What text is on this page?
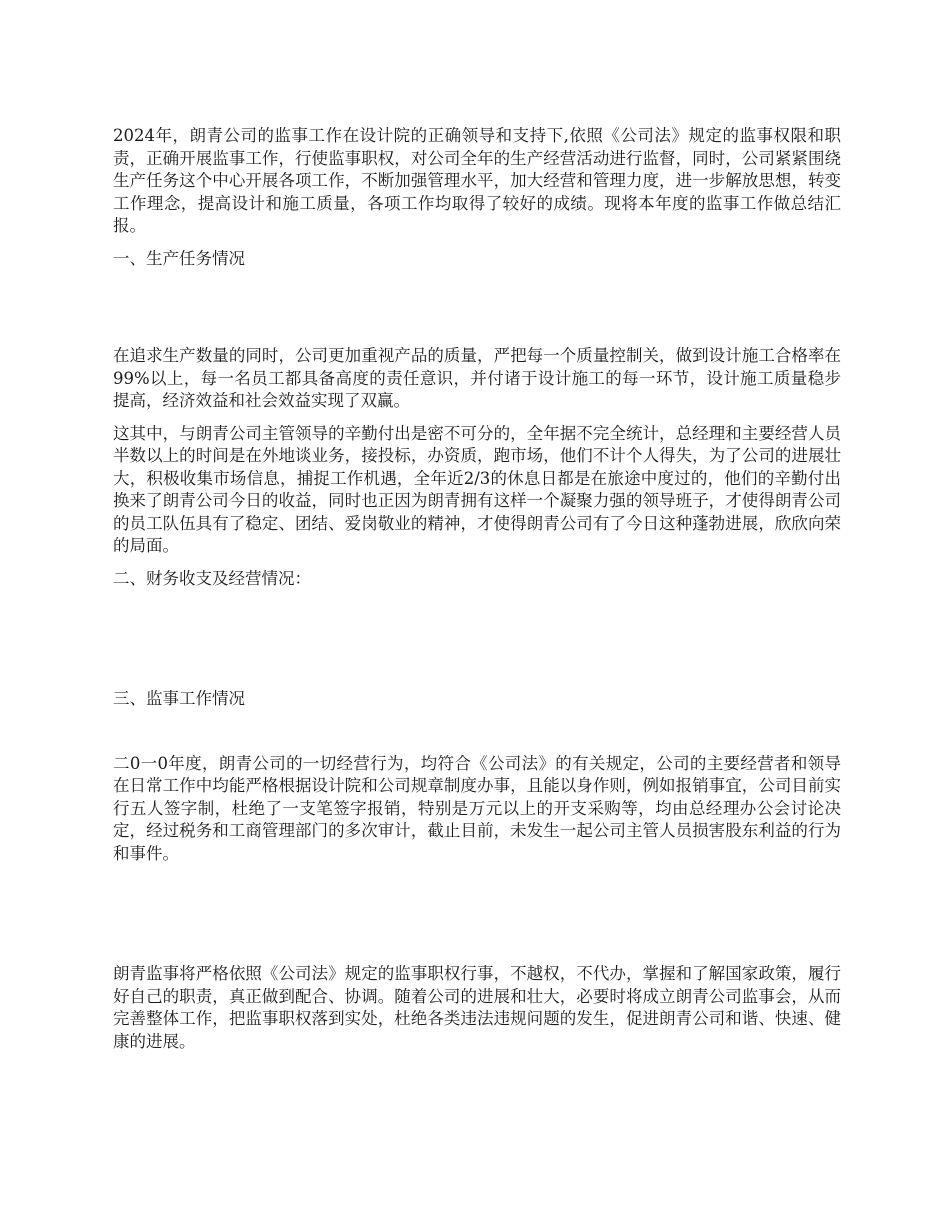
2024年，朗青公司的监事工作在设计院的正确领导和支持下,依照《公司法》规定的监事权限和职责，正确开展监事工作，行使监事职权，对公司全年的生产经营活动进行监督，同时，公司紧紧围绕生产任务这个中心开展各项工作，不断加强管理水平，加大经营和管理力度，进一步解放思想，转变工作理念，提高设计和施工质量，各项工作均取得了较好的成绩。现将本年度的监事工作做总结汇报。

一、生产任务情况

在追求生产数量的同时，公司更加重视产品的质量，严把每一个质量控制关，做到设计施工合格率在99%以上，每一名员工都具备高度的责任意识，并付诸于设计施工的每一环节，设计施工质量稳步提高，经济效益和社会效益实现了双赢。

这其中，与朗青公司主管领导的辛勤付出是密不可分的，全年据不完全统计，总经理和主要经营人员半数以上的时间是在外地谈业务，接投标，办资质，跑市场，他们不计个人得失，为了公司的进展壮大，积极收集市场信息，捕捉工作机遇，全年近2/3的休息日都是在旅途中度过的，他们的辛勤付出换来了朗青公司今日的收益，同时也正因为朗青拥有这样一个凝聚力强的领导班子，才使得朗青公司的员工队伍具有了稳定、团结、爱岗敬业的精神，才使得朗青公司有了今日这种蓬勃进展，欣欣向荣的局面。

二、财务收支及经营情况：

三、监事工作情况

二0一0年度，朗青公司的一切经营行为，均符合《公司法》的有关规定，公司的主要经营者和领导在日常工作中均能严格根据设计院和公司规章制度办事，且能以身作则，例如报销事宜，公司目前实行五人签字制，杜绝了一支笔签字报销，特别是万元以上的开支采购等，均由总经理办公会讨论决定，经过税务和工商管理部门的多次审计，截止目前，未发生一起公司主管人员损害股东利益的行为和事件。

朗青监事将严格依照《公司法》规定的监事职权行事，不越权，不代办，掌握和了解国家政策，履行好自己的职责，真正做到配合、协调。随着公司的进展和壮大，必要时将成立朗青公司监事会，从而完善整体工作，把监事职权落到实处，杜绝各类违法违规问题的发生，促进朗青公司和谐、快速、健康的进展。
